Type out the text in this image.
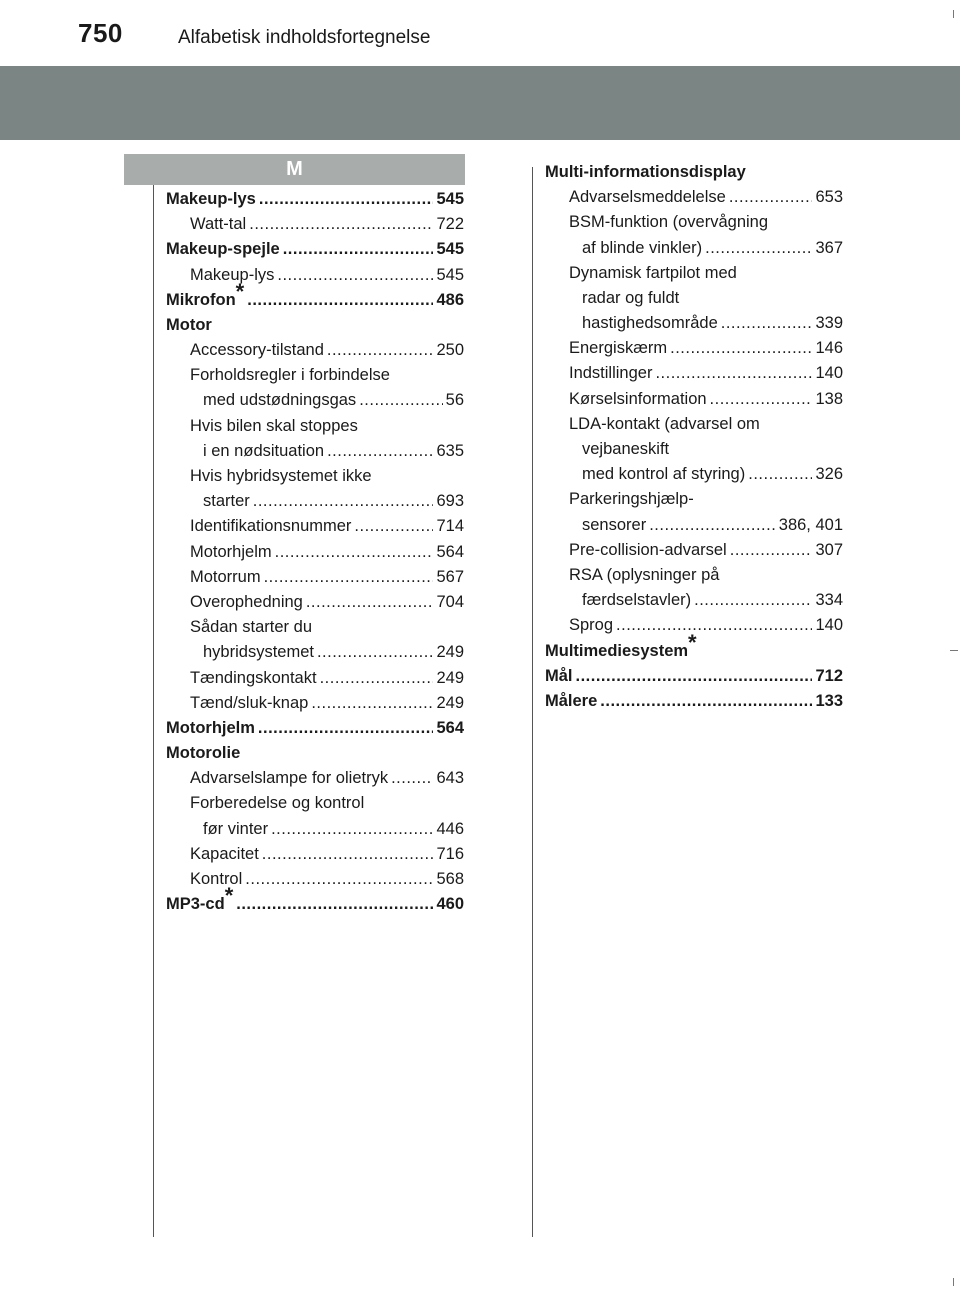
750	Alfabetisk indholdsfortegnelse
M
Makeup-lys .....	545
Watt-tal .....	722
Makeup-spejle .....	545
Makeup-lys .....	545
Mikrofon* .....	486
Motor
Accessory-tilstand .....	250
Forholdsregler i forbindelse
med udstødningsgas .....	56
Hvis bilen skal stoppes
i en nødsituation .....	635
Hvis hybridsystemet ikke
starter .....	693
Identifikationsnummer .....	714
Motorhjelm .....	564
Motorrum .....	567
Overophedning .....	704
Sådan starter du
hybridsystemet .....	249
Tændingskontakt .....	249
Tænd/sluk-knap .....	249
Motorhjelm .....	564
Motorolie
Advarselslampe for olietryk .....	643
Forberedelse og kontrol
før vinter .....	446
Kapacitet .....	716
Kontrol .....	568
MP3-cd* .....	460
Multi-informationsdisplay
Advarselsmeddelelse .....	653
BSM-funktion (overvågning
af blinde vinkler) .....	367
Dynamisk fartpilot med
radar og fuldt
hastighedsområde .....	339
Energiskærm .....	146
Indstillinger .....	140
Kørselsinformation .....	138
LDA-kontakt (advarsel om
vejbaneskift
med kontrol af styring) .....	326
Parkeringshjælp-
sensorer .....	386, 401
Pre-collision-advarsel .....	307
RSA (oplysninger på
færdselstavler) .....	334
Sprog .....	140
Multimediesystem*
Mål .....	712
Målere .....	133
